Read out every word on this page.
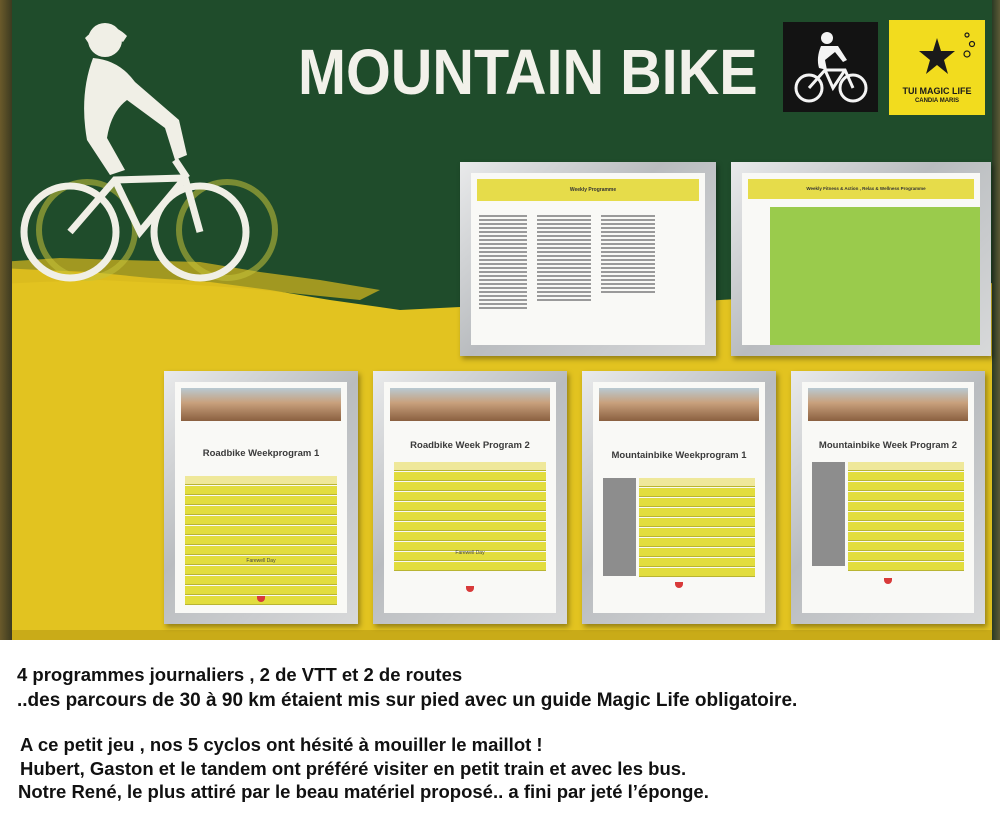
MOUNTAIN BIKE	TUI MAGIC LIFE
CANDIA MARIS
Weekly Programme	Weekly Fitness & Action , Relax & Wellness Programme
Roadbike Weekprogram 1
Farewell Day
Roadbike Week Program 2
Farewell Day
Mountainbike Weekprogram 1
Mountainbike Week Program 2
4 programmes journaliers , 2 de VTT et 2 de routes
..des parcours de 30 à 90 km étaient mis sur pied avec un guide Magic Life obligatoire.
A ce petit jeu , nos 5 cyclos ont hésité à mouiller le maillot !
Hubert, Gaston et le tandem ont préféré visiter en petit train et avec les bus.
Notre René, le plus attiré par le beau matériel proposé.. a fini par jeté l’éponge.
